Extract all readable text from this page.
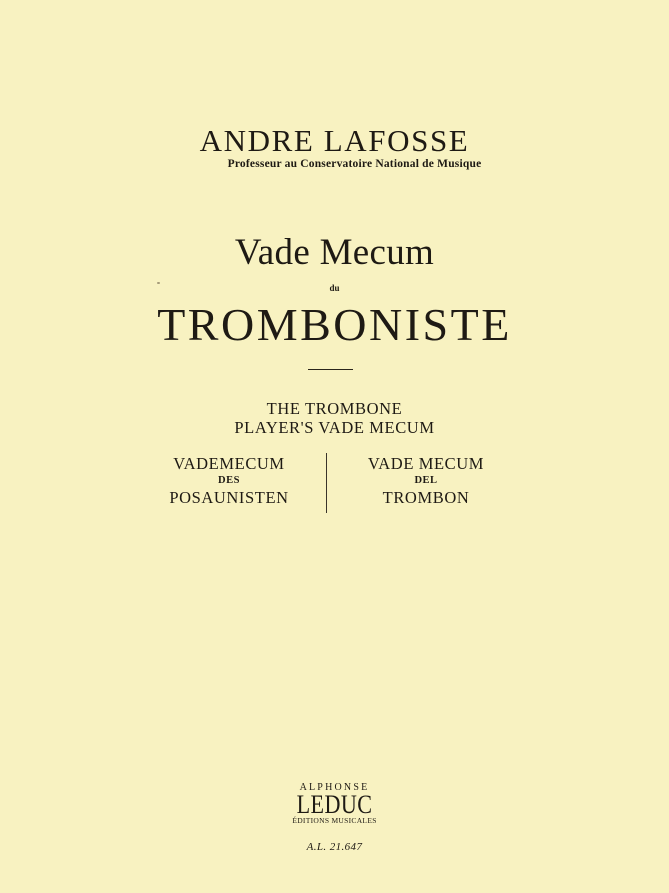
ANDRE LAFOSSE
Professeur au Conservatoire National de Musique
Vade Mecum
du
TROMBONISTE
THE TROMBONE
PLAYER'S VADE MECUM
VADEMECUM
DES
POSAUNISTEN
VADE MECUM
DEL
TROMBON
ALPHONSE
LEDUC
ÉDITIONS MUSICALES
A.L. 21.647
